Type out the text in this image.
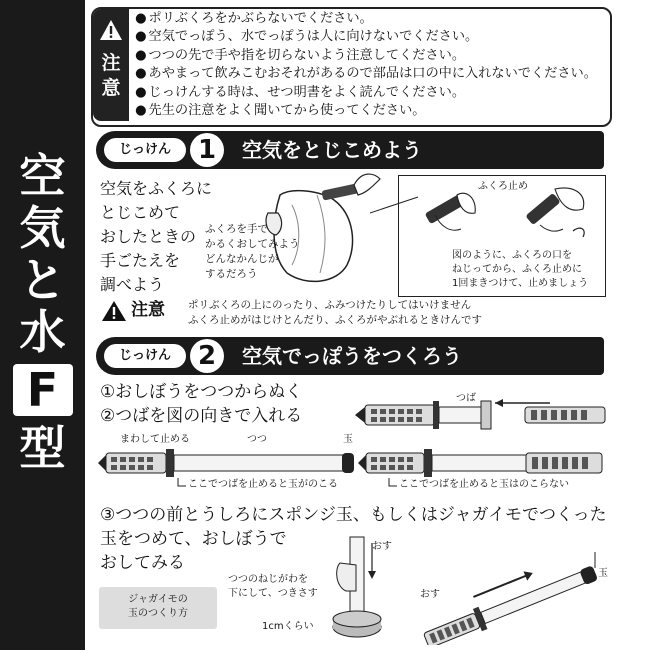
空
気
と
水
F
型
注
意
● ポリぶくろをかぶらないでください。
● 空気でっぽう、水でっぽうは人に向けないでください。
● つつの先で手や指を切らないよう注意してください。
● あやまって飲みこむおそれがあるので部品は口の中に入れないでください。
● じっけんする時は、せつ明書をよく読んでください。
● 先生の注意をよく聞いてから使ってください。
じっけん	1	空気をとじこめよう
空気をふくろに
とじこめて
おしたときの
手ごたえを
調べよう
ふくろを手で
かるくおしてみよう
どんなかんじが
するだろう
ふくろ止め
図のように、ふくろの口を
ねじってから、ふくろ止めに
1回まきつけて、止めましょう
注意 ポリぶくろの上にのったり、ふみつけたりしてはいけません
ふくろ止めがはじけとんだり、ふくろがやぶれるときけんです
じっけん	2	空気でっぽうをつくろう
①おしぼうをつつからぬく
②つばを図の向きで入れる
つば
まわして止める	つつ	玉
ここでつばを止めると玉がのこる	ここでつばを止めると玉はのこらない
③つつの前とうしろにスポンジ玉、もしくはジャガイモでつくった
玉をつめて、おしぼうで
おしてみる
ジャガイモの
玉のつくり方
つつのねじがわを
下にして、つきさす
おす
1cmくらい
おす
玉
